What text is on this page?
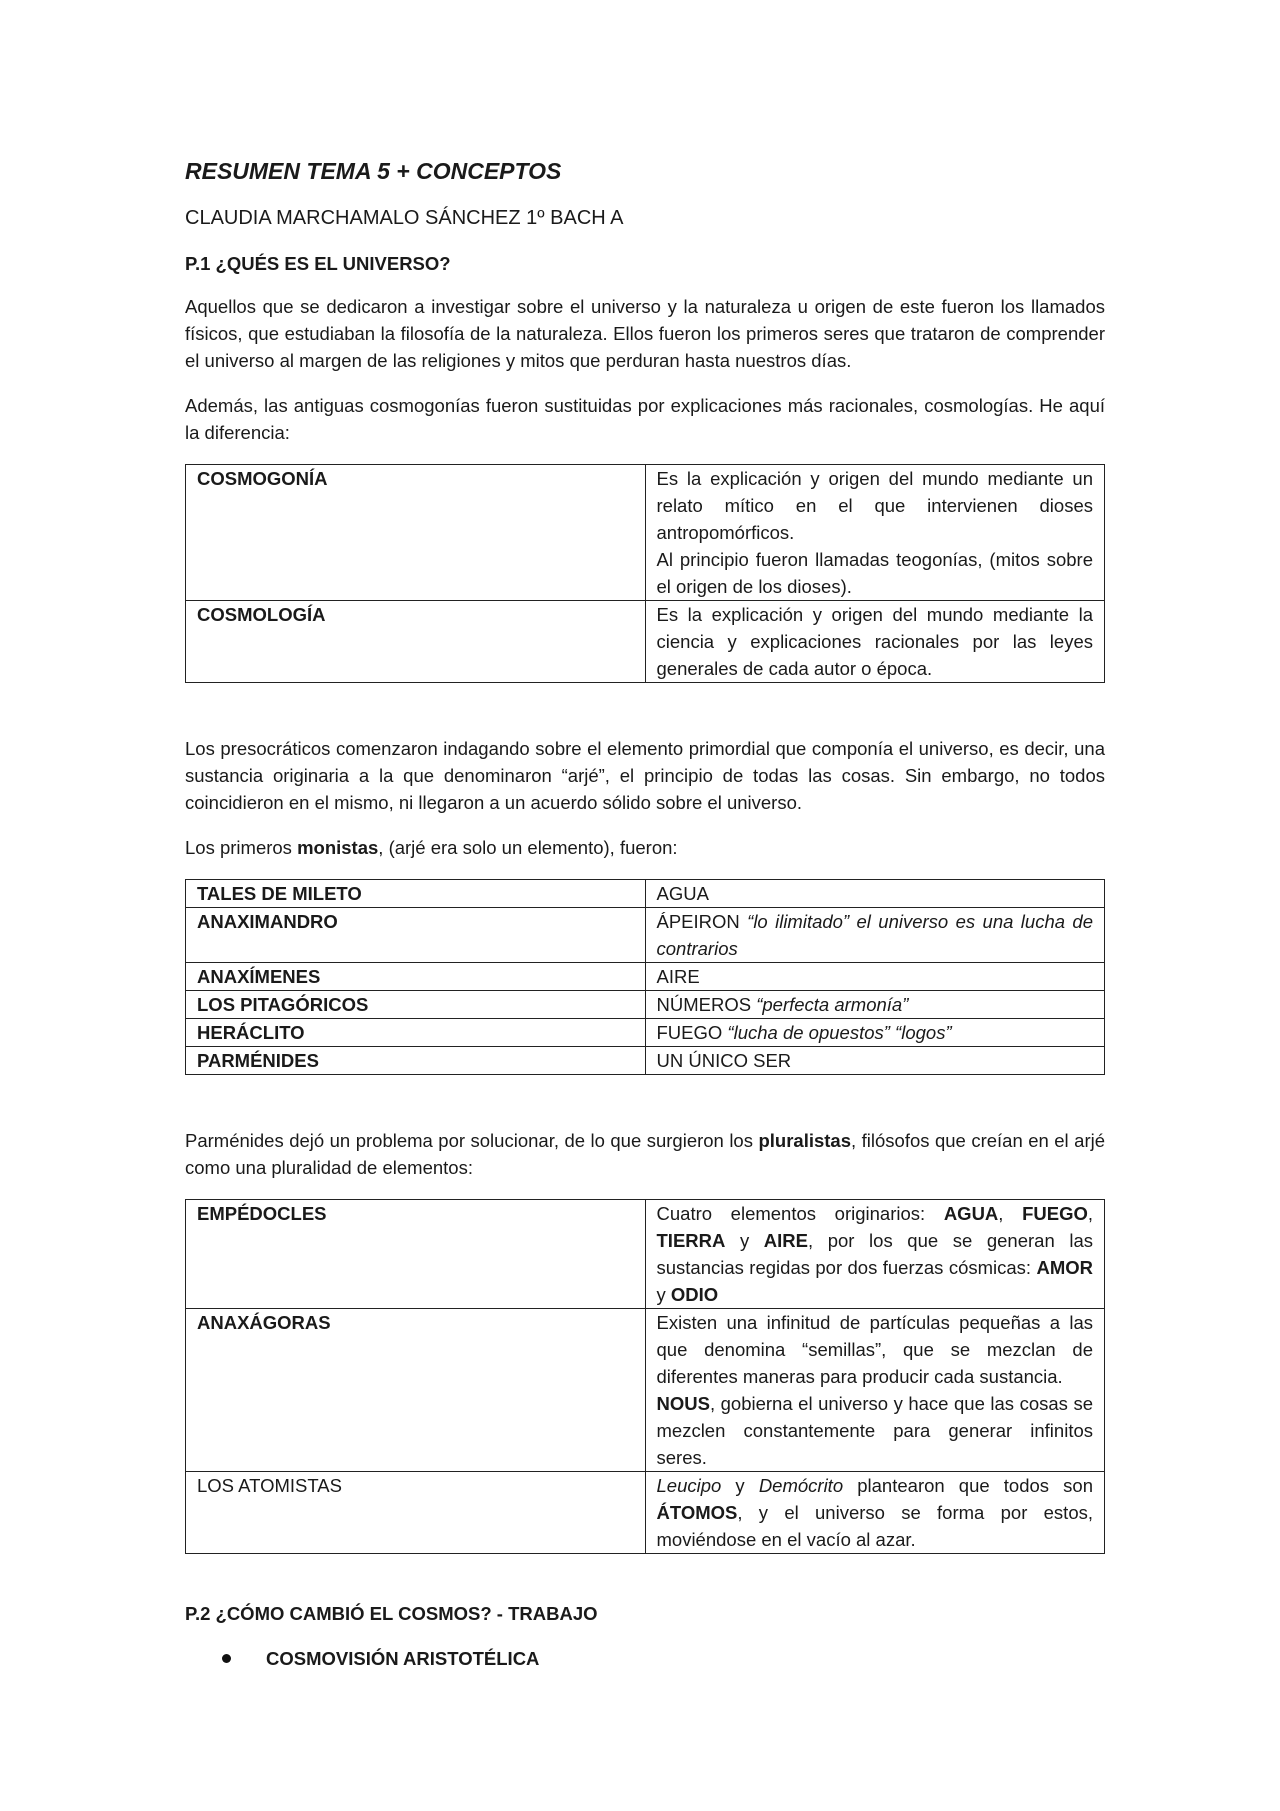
RESUMEN TEMA 5 + CONCEPTOS
CLAUDIA MARCHAMALO SÁNCHEZ 1º BACH A
P.1 ¿QUÉS ES EL UNIVERSO?

Aquellos que se dedicaron a investigar sobre el universo y la naturaleza u origen de este fueron los llamados físicos, que estudiaban la filosofía de la naturaleza. Ellos fueron los primeros seres que trataron de comprender el universo al margen de las religiones y mitos que perduran hasta nuestros días.

Además, las antiguas cosmogonías fueron sustituidas por explicaciones más racionales, cosmologías. He aquí la diferencia:

COSMOGONÍA	Es la explicación y origen del mundo mediante un relato mítico en el que intervienen dioses antropomórficos.
Al principio fueron llamadas teogonías, (mitos sobre el origen de los dioses).

COSMOLOGÍA	Es la explicación y origen del mundo mediante la ciencia y explicaciones racionales por las leyes generales de cada autor o época.

Los presocráticos comenzaron indagando sobre el elemento primordial que componía el universo, es decir, una sustancia originaria a la que denominaron “arjé”, el principio de todas las cosas. Sin embargo, no todos coincidieron en el mismo, ni llegaron a un acuerdo sólido sobre el universo.

Los primeros monistas, (arjé era solo un elemento), fueron:

TALES DE MILETO	AGUA
ANAXIMANDRO	ÁPEIRON “lo ilimitado” el universo es una lucha de contrarios
ANAXÍMENES	AIRE
LOS PITAGÓRICOS	NÚMEROS “perfecta armonía”
HERÁCLITO	FUEGO “lucha de opuestos” “logos”
PARMÉNIDES	UN ÚNICO SER

Parménides dejó un problema por solucionar, de lo que surgieron los pluralistas, filósofos que creían en el arjé como una pluralidad de elementos:

EMPÉDOCLES	Cuatro elementos originarios: AGUA, FUEGO, TIERRA y AIRE, por los que se generan las sustancias regidas por dos fuerzas cósmicas: AMOR y ODIO
ANAXÁGORAS	Existen una infinitud de partículas pequeñas a las que denomina “semillas”, que se mezclan de diferentes maneras para producir cada sustancia.
NOUS, gobierna el universo y hace que las cosas se mezclen constantemente para generar infinitos seres.
LOS ATOMISTAS	Leucipo y Demócrito plantearon que todos son ÁTOMOS, y el universo se forma por estos, moviéndose en el vacío al azar.
P.2 ¿CÓMO CAMBIÓ EL COSMOS? - TRABAJO
COSMOVISIÓN ARISTOTÉLICA
